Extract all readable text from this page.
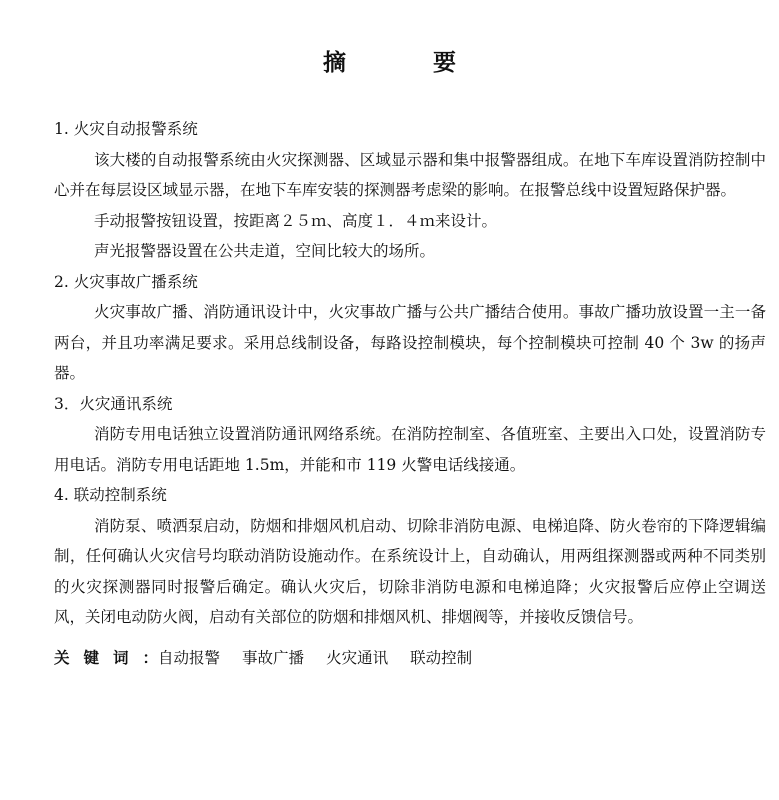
摘　要
1. 火灾自动报警系统
该大楼的自动报警系统由火灾探测器、区域显示器和集中报警器组成。在地下车库设置消防控制中心并在每层设区域显示器，在地下车库安装的探测器考虑梁的影响。在报警总线中设置短路保护器。
手动报警按钮设置，按距离２５ｍ、高度１．４ｍ来设计。
声光报警器设置在公共走道，空间比较大的场所。
2. 火灾事故广播系统
火灾事故广播、消防通讯设计中，火灾事故广播与公共广播结合使用。事故广播功放设置一主一备两台，并且功率满足要求。采用总线制设备，每路设控制模块，每个控制模块可控制 40 个 3w 的扬声器。
3．火灾通讯系统
消防专用电话独立设置消防通讯网络系统。在消防控制室、各值班室、主要出入口处，设置消防专用电话。消防专用电话距地 1.5m，并能和市 119 火警电话线接通。
4. 联动控制系统
消防泵、喷洒泵启动，防烟和排烟风机启动、切除非消防电源、电梯追降、防火卷帘的下降逻辑编制，任何确认火灾信号均联动消防设施动作。在系统设计上，自动确认，用两组探测器或两种不同类别的火灾探测器同时报警后确定。确认火灾后，切除非消防电源和电梯追降；火灾报警后应停止空调送风，关闭电动防火阀，启动有关部位的防烟和排烟风机、排烟阀等，并接收反馈信号。
关键词：自动报警 事故广播 火灾通讯 联动控制
